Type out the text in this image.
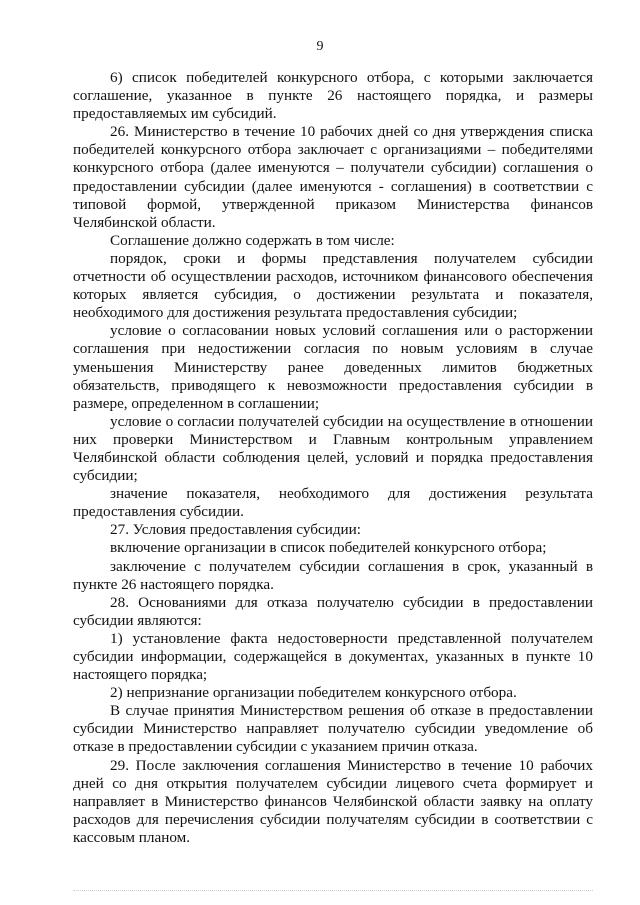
9

6) список победителей конкурсного отбора, с которыми заключается соглашение, указанное в пункте 26 настоящего порядка, и размеры предоставляемых им субсидий.

26. Министерство в течение 10 рабочих дней со дня утверждения списка победителей конкурсного отбора заключает с организациями – победителями конкурсного отбора (далее именуются – получатели субсидии) соглашения о предоставлении субсидии (далее именуются - соглашения) в соответствии с типовой формой, утвержденной приказом Министерства финансов Челябинской области.

Соглашение должно содержать в том числе:

порядок, сроки и формы представления получателем субсидии отчетности об осуществлении расходов, источником финансового обеспечения которых является субсидия, о достижении результата и показателя, необходимого для достижения результата предоставления субсидии;

условие о согласовании новых условий соглашения или о расторжении соглашения при недостижении согласия по новым условиям в случае уменьшения Министерству ранее доведенных лимитов бюджетных обязательств, приводящего к невозможности предоставления субсидии в размере, определенном в соглашении;

условие о согласии получателей субсидии на осуществление в отношении них проверки Министерством и Главным контрольным управлением Челябинской области соблюдения целей, условий и порядка предоставления субсидии;

значение показателя, необходимого для достижения результата предоставления субсидии.

27. Условия предоставления субсидии:

включение организации в список победителей конкурсного отбора;

заключение с получателем субсидии соглашения в срок, указанный в пункте 26 настоящего порядка.

28. Основаниями для отказа получателю субсидии в предоставлении субсидии являются:

1) установление факта недостоверности представленной получателем субсидии информации, содержащейся в документах, указанных в пункте 10 настоящего порядка;

2) непризнание организации победителем конкурсного отбора.

В случае принятия Министерством решения об отказе в предоставлении субсидии Министерство направляет получателю субсидии уведомление об отказе в предоставлении субсидии с указанием причин отказа.

29. После заключения соглашения Министерство в течение 10 рабочих дней со дня открытия получателем субсидии лицевого счета формирует и направляет в Министерство финансов Челябинской области заявку на оплату расходов для перечисления субсидии получателям субсидии в соответствии с кассовым планом.
